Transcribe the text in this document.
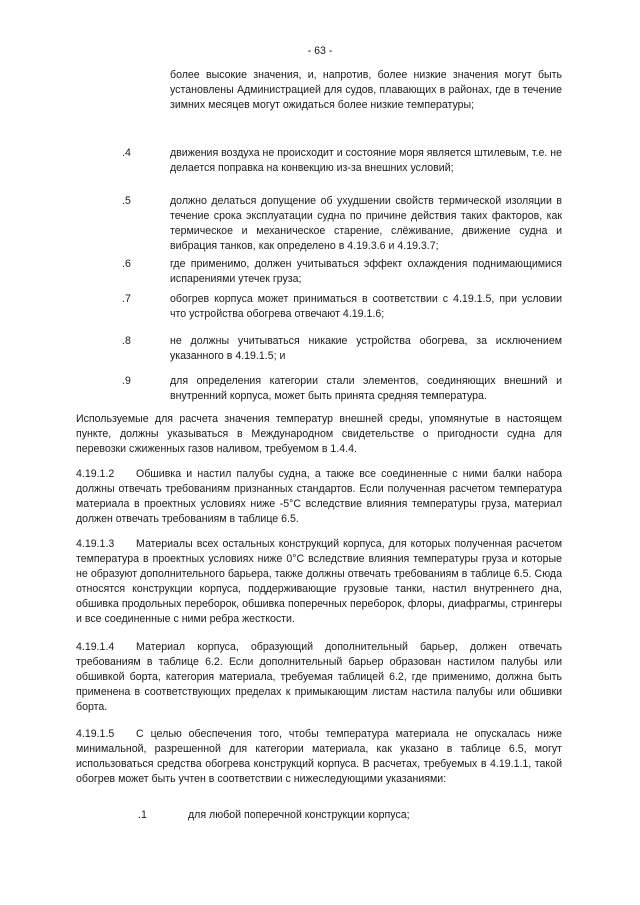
- 63 -
более высокие значения, и, напротив, более низкие значения могут быть установлены Администрацией для судов, плавающих в районах, где в течение зимних месяцев могут ожидаться более низкие температуры;
.4	движения воздуха не происходит и состояние моря является штилевым, т.е. не делается поправка на конвекцию из-за внешних условий;
.5	должно делаться допущение об ухудшении свойств термической изоляции в течение срока эксплуатации судна по причине действия таких факторов, как термическое и механическое старение, слёживание, движение судна и вибрация танков, как определено в 4.19.3.6 и 4.19.3.7;
.6	где применимо, должен учитываться эффект охлаждения поднимающимися испарениями утечек груза;
.7	обогрев корпуса может приниматься в соответствии с 4.19.1.5, при условии что устройства обогрева отвечают 4.19.1.6;
.8	не должны учитываться никакие устройства обогрева, за исключением указанного в 4.19.1.5; и
.9	для определения категории стали элементов, соединяющих внешний и внутренний корпуса, может быть принята средняя температура.
Используемые для расчета значения температур внешней среды, упомянутые в настоящем пункте, должны указываться в Международном свидетельстве о пригодности судна для перевозки сжиженных газов наливом, требуемом в 1.4.4.
4.19.1.2 Обшивка и настил палубы судна, а также все соединенные с ними балки набора должны отвечать требованиям признанных стандартов. Если полученная расчетом температура материала в проектных условиях ниже -5°C вследствие влияния температуры груза, материал должен отвечать требованиям в таблице 6.5.
4.19.1.3 Материалы всех остальных конструкций корпуса, для которых полученная расчетом температура в проектных условиях ниже 0°C вследствие влияния температуры груза и которые не образуют дополнительного барьера, также должны отвечать требованиям в таблице 6.5. Сюда относятся конструкции корпуса, поддерживающие грузовые танки, настил внутреннего дна, обшивка продольных переборок, обшивка поперечных переборок, флоры, диафрагмы, стрингеры и все соединенные с ними ребра жесткости.
4.19.1.4 Материал корпуса, образующий дополнительный барьер, должен отвечать требованиям в таблице 6.2. Если дополнительный барьер образован настилом палубы или обшивкой борта, категория материала, требуемая таблицей 6.2, где применимо, должна быть применена в соответствующих пределах к примыкающим листам настила палубы или обшивки борта.
4.19.1.5 С целью обеспечения того, чтобы температура материала не опускалась ниже минимальной, разрешенной для категории материала, как указано в таблице 6.5, могут использоваться средства обогрева конструкций корпуса. В расчетах, требуемых в 4.19.1.1, такой обогрев может быть учтен в соответствии с нижеследующими указаниями:
.1	для любой поперечной конструкции корпуса;
